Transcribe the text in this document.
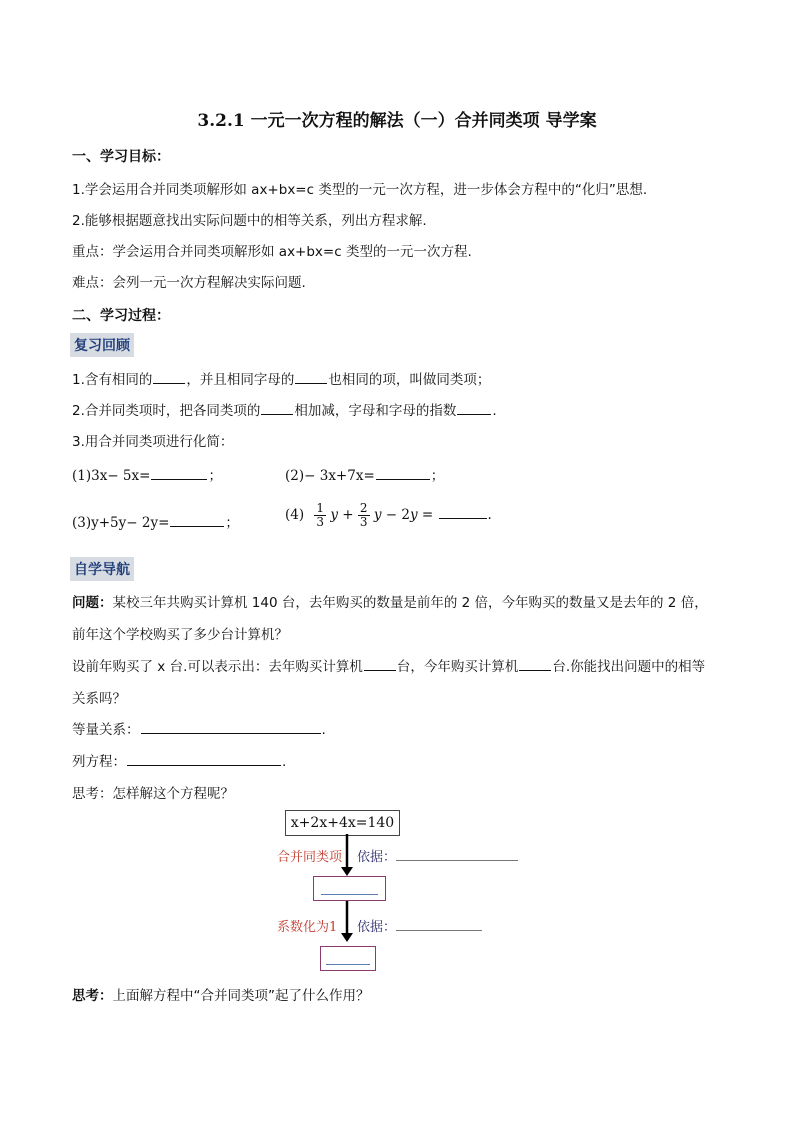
3.2.1 一元一次方程的解法（一）合并同类项 导学案
一、学习目标：
1.学会运用合并同类项解形如 ax+bx=c 类型的一元一次方程，进一步体会方程中的“化归”思想.
2.能够根据题意找出实际问题中的相等关系，列出方程求解.
重点：学会运用合并同类项解形如 ax+bx=c 类型的一元一次方程.
难点：会列一元一次方程解决实际问题.
二、学习过程：
复习回顾
1.含有相同的	，并且相同字母的	也相同的项，叫做同类项；
2.合并同类项时，把各同类项的	相加减，字母和字母的指数	.
3.用合并同类项进行化简：
(1)3x− 5x=	；	(2)− 3x+7x=	；
(3)y+5y− 2y=	；	$(4) \frac{1}{3}$ $y + \frac{2}{3}$ y − 2y =	.
自学导航
问题：某校三年共购买计算机 140 台，去年购买的数量是前年的 2 倍，今年购买的数量又是去年的 2 倍，
前年这个学校购买了多少台计算机？
设前年购买了 x 台.可以表示出：去年购买计算机	台，今年购买计算机	台.你能找出问题中的相等
关系吗？
等量关系：	.
列方程：	.
思考：怎样解这个方程呢？
x+2x+4x=140
合并同类项 依据：
系数化为1 依据：
思考：上面解方程中“合并同类项”起了什么作用？
